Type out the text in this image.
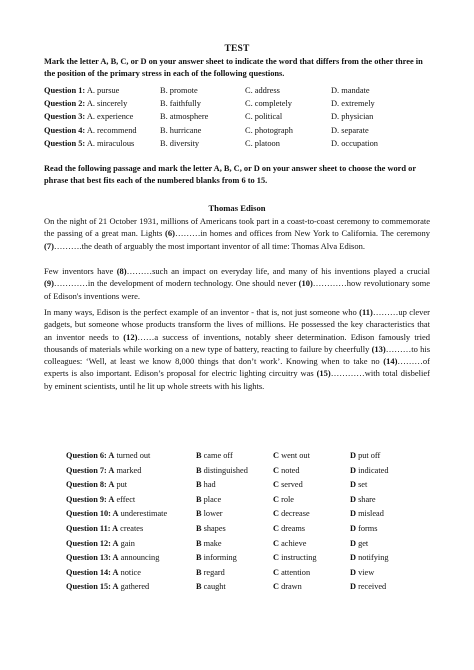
TEST
Mark the letter A, B, C, or D on your answer sheet to indicate the word that differs from the other three in the position of the primary stress in each of the following questions.
Question 1: A. pursue	B. promote	C. address	D. mandate
Question 2: A. sincerely	B. faithfully	C. completely	D. extremely
Question 3: A. experience	B. atmosphere	C. political	D. physician
Question 4: A. recommend	B. hurricane	C. photograph	D. separate
Question 5: A. miraculous	B. diversity	C. platoon	D. occupation
Read the following passage and mark the letter A, B, C, or D on your answer sheet to choose the word or phrase that best fits each of the numbered blanks from 6 to 15.
Thomas Edison
On the night of 21 October 1931, millions of Americans took part in a coast-to-coast ceremony to commemorate the passing of a great man. Lights (6)………in homes and offices from New York to California. The ceremony (7)……….the death of arguably the most important inventor of all time: Thomas Alva Edison.
Few inventors have (8)………such an impact on everyday life, and many of his inventions played a crucial (9)…………in the development of modern technology. One should never (10)…………how revolutionary some of Edison's inventions were.
In many ways, Edison is the perfect example of an inventor - that is, not just someone who (11)………up clever gadgets, but someone whose products transform the lives of millions. He possessed the key characteristics that an inventor needs to (12)……a success of inventions, notably sheer determination. Edison famously tried thousands of materials while working on a new type of battery, reacting to failure by cheerfully (13)………to his colleagues: ‘Well, at least we know 8,000 things that don’t work’. Knowing when to take no (14)………of experts is also important. Edison’s proposal for electric lighting circuitry was (15)…………with total disbelief by eminent scientists, until he lit up whole streets with his lights.
Question 6: A turned out	B came off	C went out	D put off
Question 7: A marked	B distinguished	C noted	D indicated
Question 8: A put	B had	C served	D set
Question 9: A effect	B place	C role	D share
Question 10: A underestimate	B lower	C decrease	D mislead
Question 11: A creates	B shapes	C dreams	D forms
Question 12: A gain	B make	C achieve	D get
Question 13: A announcing	B informing	C instructing	D notifying
Question 14: A notice	B regard	C attention	D view
Question 15: A gathered	B caught	C drawn	D received
